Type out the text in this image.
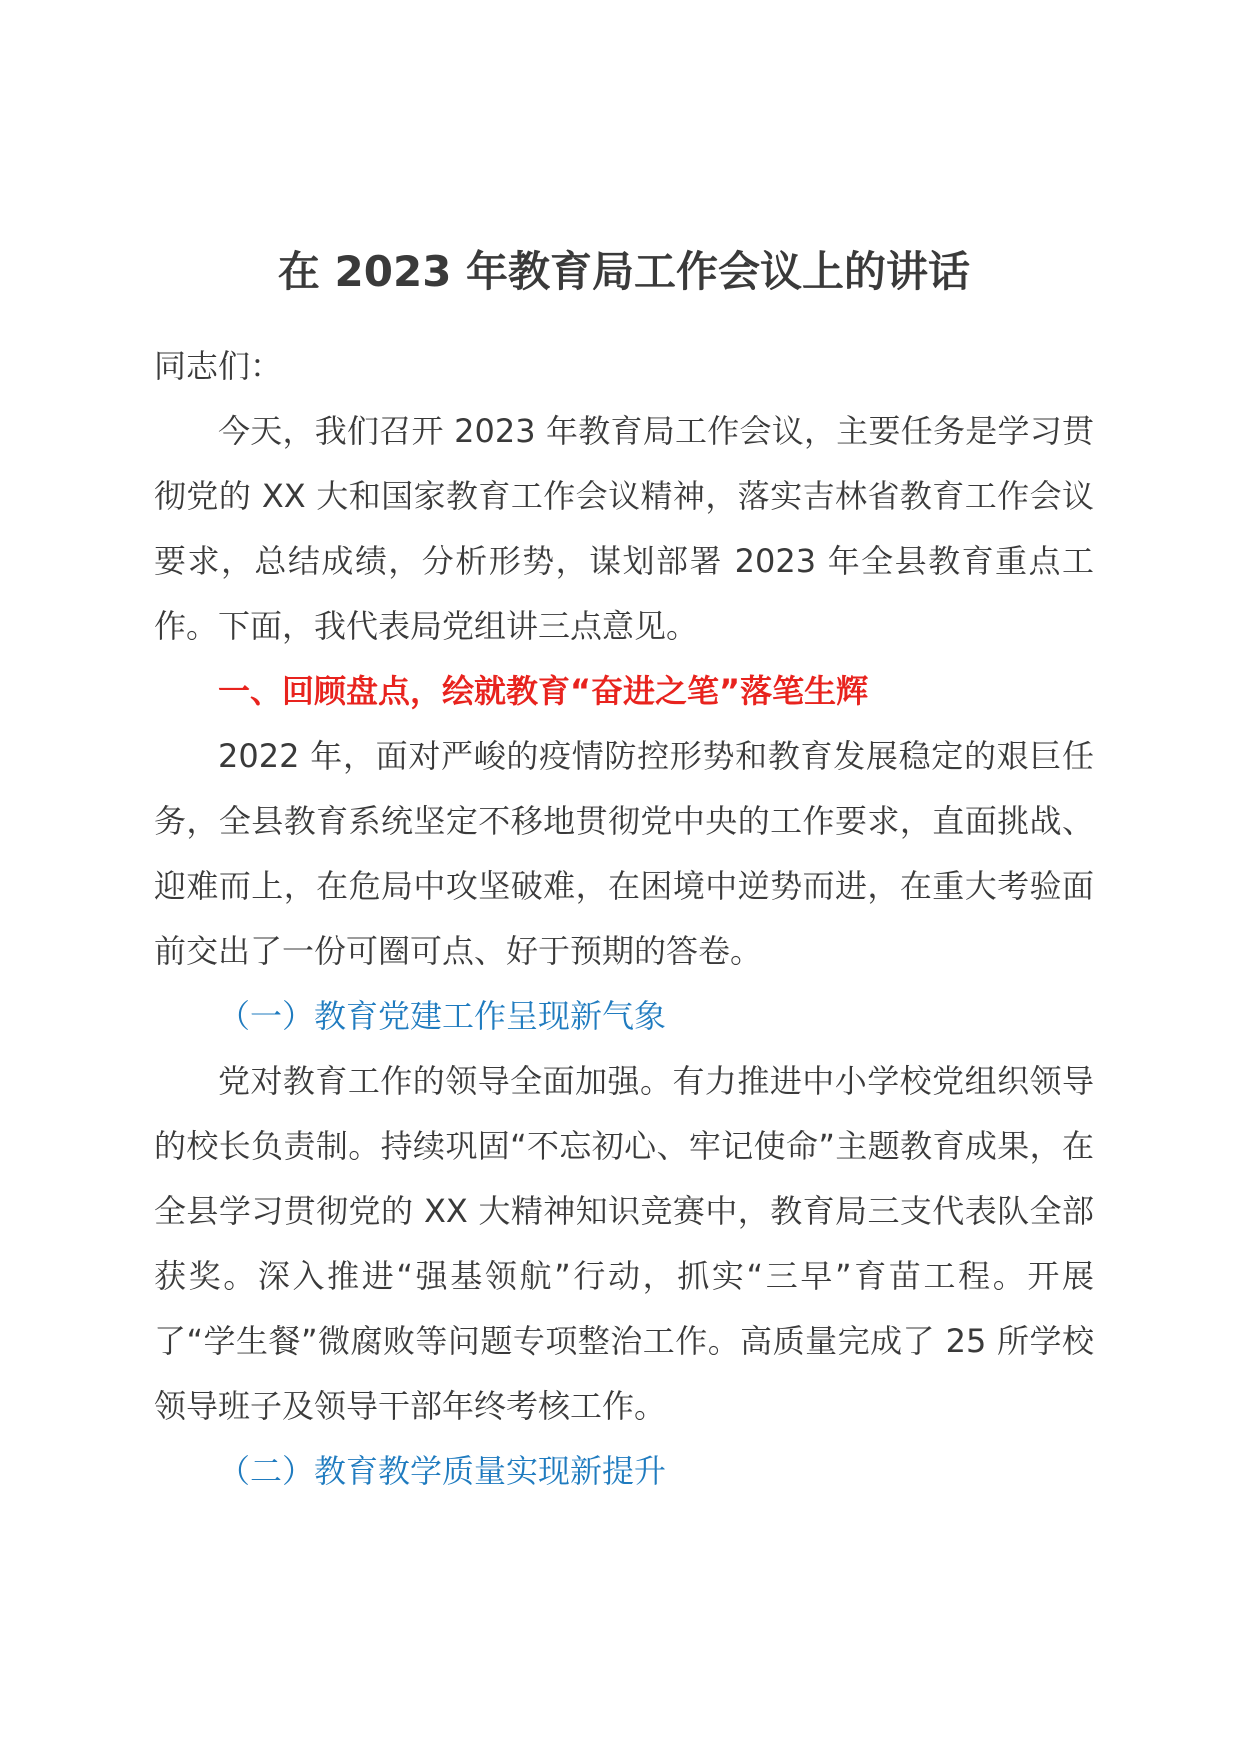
在 2023 年教育局工作会议上的讲话

同志们：

今天，我们召开 2023 年教育局工作会议，主要任务是学习贯彻党的 XX 大和国家教育工作会议精神，落实吉林省教育工作会议要求，总结成绩，分析形势，谋划部署 2023 年全县教育重点工作。下面，我代表局党组讲三点意见。

一、回顾盘点，绘就教育“奋进之笔”落笔生辉

2022 年，面对严峻的疫情防控形势和教育发展稳定的艰巨任务，全县教育系统坚定不移地贯彻党中央的工作要求，直面挑战、迎难而上，在危局中攻坚破难，在困境中逆势而进，在重大考验面前交出了一份可圈可点、好于预期的答卷。

（一）教育党建工作呈现新气象

党对教育工作的领导全面加强。有力推进中小学校党组织领导的校长负责制。持续巩固“不忘初心、牢记使命”主题教育成果，在全县学习贯彻党的 XX 大精神知识竞赛中，教育局三支代表队全部获奖。深入推进“强基领航”行动，抓实“三早”育苗工程。开展了“学生餐”微腐败等问题专项整治工作。高质量完成了 25 所学校领导班子及领导干部年终考核工作。

（二）教育教学质量实现新提升
